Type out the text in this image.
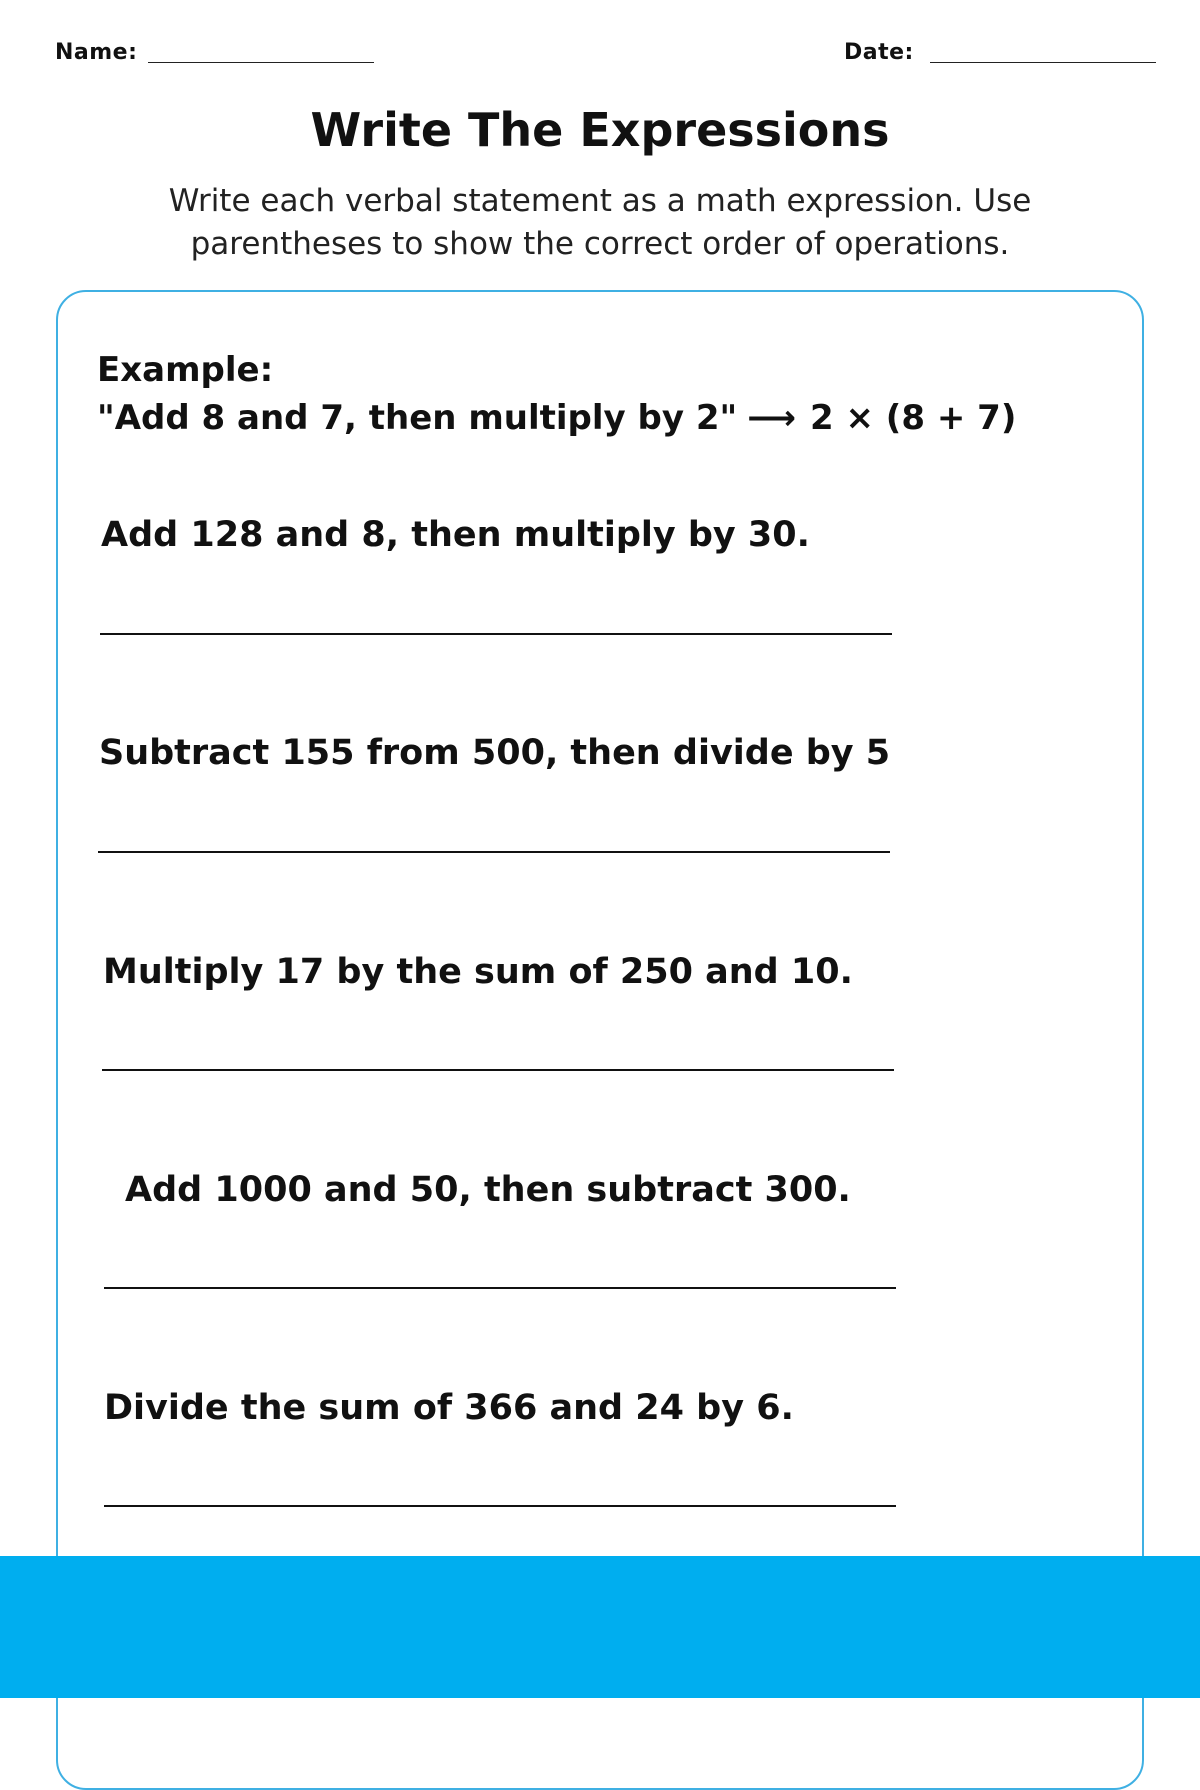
Name:	Date:
Write The Expressions

Write each verbal statement as a math expression. Use parentheses to show the correct order of operations.

Example:
"Add 8 and 7, then multiply by 2" ⟶ 2 × (8 + 7)
Add 128 and 8, then multiply by 30.
Subtract 155 from 500, then divide by 5
Multiply 17 by the sum of 250 and 10.
Add 1000 and 50, then subtract 300.
Divide the sum of 366 and 24 by 6.
